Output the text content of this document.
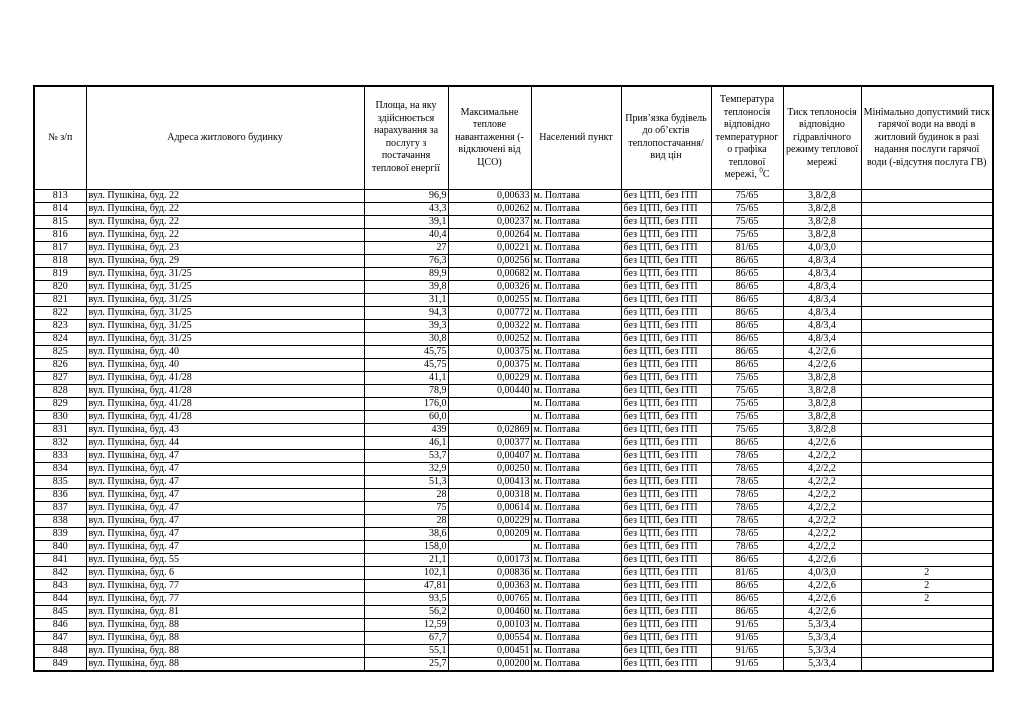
№ з/п	Адреса житлового будинку	Площа, на яку здійснюється нарахування за послугу з постачання теплової енергії	Максимальне теплове навантаження (- відключені від ЦСО)	Населений пункт	Прив’язка будівель до об’єктів теплопостачання/ вид цін	Температура теплоносія відповідно температурного графіка теплової мережі, $^0$С	Тиск теплоносія відповідно гідравлічного режиму теплової мережі	Мінімально допустимий тиск гарячої води на вводі в житловий будинок в разі надання послуги гарячої води (-відсутня послуга ГВ)
813	вул. Пушкіна, буд. 22	96,9	0,00633	м. Полтава	без ЦТП, без ІТП	75/65	3,8/2,8	
814	вул. Пушкіна, буд. 22	43,3	0,00262	м. Полтава	без ЦТП, без ІТП	75/65	3,8/2,8	
815	вул. Пушкіна, буд. 22	39,1	0,00237	м. Полтава	без ЦТП, без ІТП	75/65	3,8/2,8	
816	вул. Пушкіна, буд. 22	40,4	0,00264	м. Полтава	без ЦТП, без ІТП	75/65	3,8/2,8	
817	вул. Пушкіна, буд. 23	27	0,00221	м. Полтава	без ЦТП, без ІТП	81/65	4,0/3,0	
818	вул. Пушкіна, буд. 29	76,3	0,00256	м. Полтава	без ЦТП, без ІТП	86/65	4,8/3,4	
819	вул. Пушкіна, буд. 31/25	89,9	0,00682	м. Полтава	без ЦТП, без ІТП	86/65	4,8/3,4	
820	вул. Пушкіна, буд. 31/25	39,8	0,00326	м. Полтава	без ЦТП, без ІТП	86/65	4,8/3,4	
821	вул. Пушкіна, буд. 31/25	31,1	0,00255	м. Полтава	без ЦТП, без ІТП	86/65	4,8/3,4	
822	вул. Пушкіна, буд. 31/25	94,3	0,00772	м. Полтава	без ЦТП, без ІТП	86/65	4,8/3,4	
823	вул. Пушкіна, буд. 31/25	39,3	0,00322	м. Полтава	без ЦТП, без ІТП	86/65	4,8/3,4	
824	вул. Пушкіна, буд. 31/25	30,8	0,00252	м. Полтава	без ЦТП, без ІТП	86/65	4,8/3,4	
825	вул. Пушкіна, буд. 40	45,75	0,00375	м. Полтава	без ЦТП, без ІТП	86/65	4,2/2,6	
826	вул. Пушкіна, буд. 40	45,75	0,00375	м. Полтава	без ЦТП, без ІТП	86/65	4,2/2,6	
827	вул. Пушкіна, буд. 41/28	41,1	0,00229	м. Полтава	без ЦТП, без ІТП	75/65	3,8/2,8	
828	вул. Пушкіна, буд. 41/28	78,9	0,00440	м. Полтава	без ЦТП, без ІТП	75/65	3,8/2,8	
829	вул. Пушкіна, буд. 41/28	176,0		м. Полтава	без ЦТП, без ІТП	75/65	3,8/2,8	
830	вул. Пушкіна, буд. 41/28	60,0		м. Полтава	без ЦТП, без ІТП	75/65	3,8/2,8	
831	вул. Пушкіна, буд. 43	439	0,02869	м. Полтава	без ЦТП, без ІТП	75/65	3,8/2,8	
832	вул. Пушкіна, буд. 44	46,1	0,00377	м. Полтава	без ЦТП, без ІТП	86/65	4,2/2,6	
833	вул. Пушкіна, буд. 47	53,7	0,00407	м. Полтава	без ЦТП, без ІТП	78/65	4,2/2,2	
834	вул. Пушкіна, буд. 47	32,9	0,00250	м. Полтава	без ЦТП, без ІТП	78/65	4,2/2,2	
835	вул. Пушкіна, буд. 47	51,3	0,00413	м. Полтава	без ЦТП, без ІТП	78/65	4,2/2,2	
836	вул. Пушкіна, буд. 47	28	0,00318	м. Полтава	без ЦТП, без ІТП	78/65	4,2/2,2	
837	вул. Пушкіна, буд. 47	75	0,00614	м. Полтава	без ЦТП, без ІТП	78/65	4,2/2,2	
838	вул. Пушкіна, буд. 47	28	0,00229	м. Полтава	без ЦТП, без ІТП	78/65	4,2/2,2	
839	вул. Пушкіна, буд. 47	38,6	0,00209	м. Полтава	без ЦТП, без ІТП	78/65	4,2/2,2	
840	вул. Пушкіна, буд. 47	158,0		м. Полтава	без ЦТП, без ІТП	78/65	4,2/2,2	
841	вул. Пушкіна, буд. 55	21,1	0,00173	м. Полтава	без ЦТП, без ІТП	86/65	4,2/2,6	
842	вул. Пушкіна, буд. 6	102,1	0,00836	м. Полтава	без ЦТП, без ІТП	81/65	4,0/3,0	2
843	вул. Пушкіна, буд. 77	47,81	0,00363	м. Полтава	без ЦТП, без ІТП	86/65	4,2/2,6	2
844	вул. Пушкіна, буд. 77	93,5	0,00765	м. Полтава	без ЦТП, без ІТП	86/65	4,2/2,6	2
845	вул. Пушкіна, буд. 81	56,2	0,00460	м. Полтава	без ЦТП, без ІТП	86/65	4,2/2,6	
846	вул. Пушкіна, буд. 88	12,59	0,00103	м. Полтава	без ЦТП, без ІТП	91/65	5,3/3,4	
847	вул. Пушкіна, буд. 88	67,7	0,00554	м. Полтава	без ЦТП, без ІТП	91/65	5,3/3,4	
848	вул. Пушкіна, буд. 88	55,1	0,00451	м. Полтава	без ЦТП, без ІТП	91/65	5,3/3,4	
849	вул. Пушкіна, буд. 88	25,7	0,00200	м. Полтава	без ЦТП, без ІТП	91/65	5,3/3,4	
